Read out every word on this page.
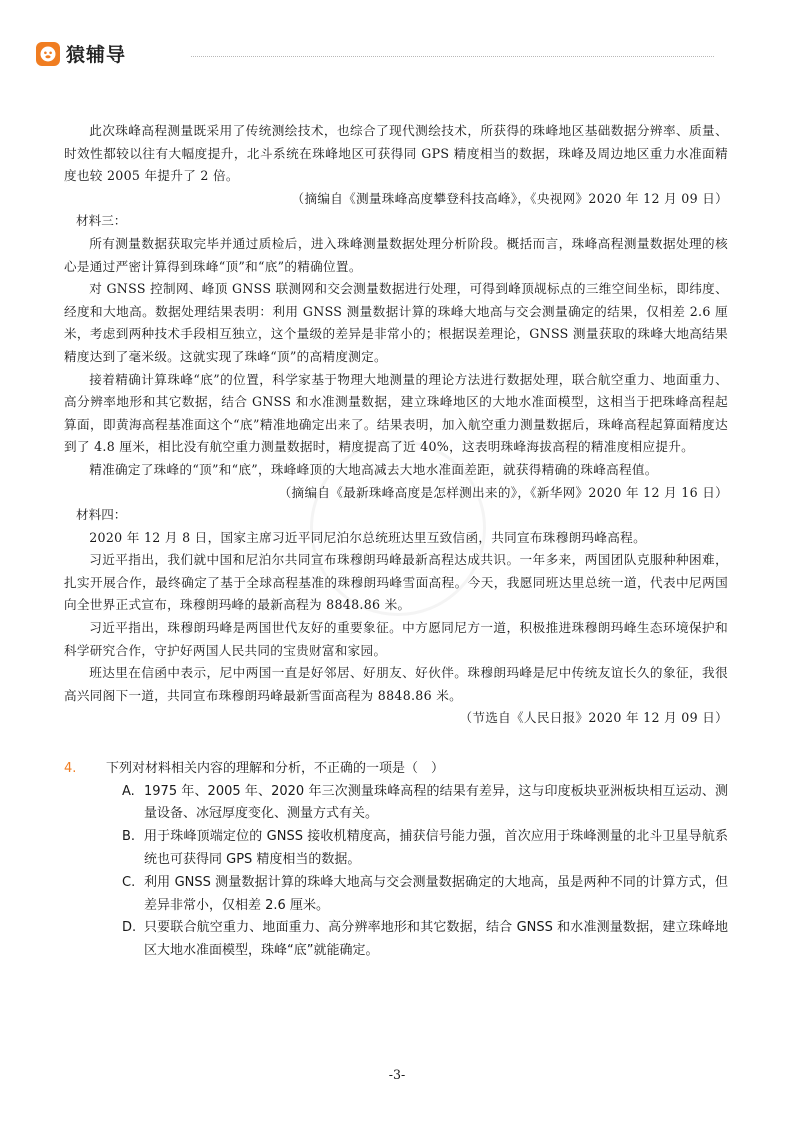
猿辅导

此次珠峰高程测量既采用了传统测绘技术，也综合了现代测绘技术，所获得的珠峰地区基础数据分辨率、质量、时效性都较以往有大幅度提升，北斗系统在珠峰地区可获得同 GPS 精度相当的数据，珠峰及周边地区重力水准面精度也较 2005 年提升了 2 倍。

（摘编自《测量珠峰高度攀登科技高峰》，《央视网》2020 年 12 月 09 日）

材料三：

所有测量数据获取完毕并通过质检后，进入珠峰测量数据处理分析阶段。概括而言，珠峰高程测量数据处理的核心是通过严密计算得到珠峰“顶”和“底”的精确位置。

对 GNSS 控制网、峰顶 GNSS 联测网和交会测量数据进行处理，可得到峰顶觇标点的三维空间坐标，即纬度、经度和大地高。数据处理结果表明：利用 GNSS 测量数据计算的珠峰大地高与交会测量确定的结果，仅相差 2.6 厘米，考虑到两种技术手段相互独立，这个量级的差异是非常小的；根据误差理论，GNSS 测量获取的珠峰大地高结果精度达到了毫米级。这就实现了珠峰“顶”的高精度测定。

接着精确计算珠峰“底”的位置，科学家基于物理大地测量的理论方法进行数据处理，联合航空重力、地面重力、高分辨率地形和其它数据，结合 GNSS 和水准测量数据，建立珠峰地区的大地水准面模型，这相当于把珠峰高程起算面，即黄海高程基准面这个“底”精准地确定出来了。结果表明，加入航空重力测量数据后，珠峰高程起算面精度达到了 4.8 厘米，相比没有航空重力测量数据时，精度提高了近 40%，这表明珠峰海拔高程的精准度相应提升。

精准确定了珠峰的“顶”和“底”，珠峰峰顶的大地高减去大地水准面差距，就获得精确的珠峰高程值。

（摘编自《最新珠峰高度是怎样测出来的》，《新华网》2020 年 12 月 16 日）

材料四：

2020 年 12 月 8 日，国家主席习近平同尼泊尔总统班达里互致信函，共同宣布珠穆朗玛峰高程。

习近平指出，我们就中国和尼泊尔共同宣布珠穆朗玛峰最新高程达成共识。一年多来，两国团队克服种种困难，扎实开展合作，最终确定了基于全球高程基准的珠穆朗玛峰雪面高程。今天，我愿同班达里总统一道，代表中尼两国向全世界正式宣布，珠穆朗玛峰的最新高程为 8848.86 米。

习近平指出，珠穆朗玛峰是两国世代友好的重要象征。中方愿同尼方一道，积极推进珠穆朗玛峰生态环境保护和科学研究合作，守护好两国人民共同的宝贵财富和家园。

班达里在信函中表示，尼中两国一直是好邻居、好朋友、好伙伴。珠穆朗玛峰是尼中传统友谊长久的象征，我很高兴同阁下一道，共同宣布珠穆朗玛峰最新雪面高程为 8848.86 米。

（节选自《人民日报》2020 年 12 月 09 日）

4. 下列对材料相关内容的理解和分析，不正确的一项是（　）
A. 1975 年、2005 年、2020 年三次测量珠峰高程的结果有差异，这与印度板块亚洲板块相互运动、测量设备、冰冠厚度变化、测量方式有关。
B. 用于珠峰顶端定位的 GNSS 接收机精度高，捕获信号能力强，首次应用于珠峰测量的北斗卫星导航系统也可获得同 GPS 精度相当的数据。
C. 利用 GNSS 测量数据计算的珠峰大地高与交会测量数据确定的大地高，虽是两种不同的计算方式，但差异非常小，仅相差 2.6 厘米。
D. 只要联合航空重力、地面重力、高分辨率地形和其它数据，结合 GNSS 和水准测量数据，建立珠峰地区大地水准面模型，珠峰“底”就能确定。
-3-
